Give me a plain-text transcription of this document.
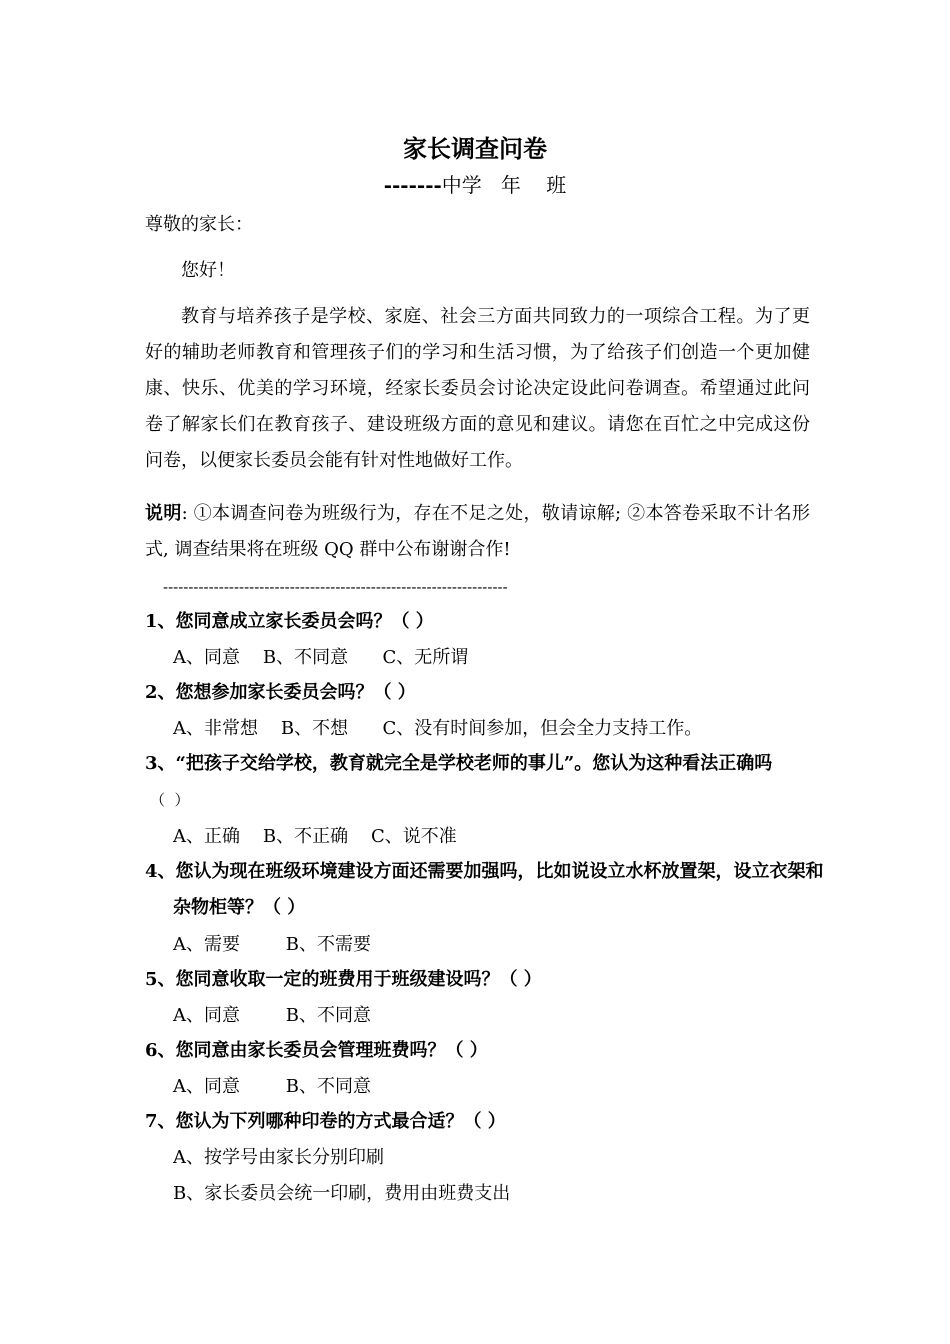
家长调查问卷
-------中学   年    班
尊敬的家长：
您好！
教育与培养孩子是学校、家庭、社会三方面共同致力的一项综合工程。为了更好的辅助老师教育和管理孩子们的学习和生活习惯，为了给孩子们创造一个更加健康、快乐、优美的学习环境，经家长委员会讨论决定设此问卷调查。希望通过此问卷了解家长们在教育孩子、建设班级方面的意见和建议。请您在百忙之中完成这份问卷，以便家长委员会能有针对性地做好工作。
说明: ①本调查问卷为班级行为，存在不足之处，敬请谅解; ②本答卷采取不计名形式, 调查结果将在班级 QQ 群中公布谢谢合作!
--------------------------------------------------------------------
1、您同意成立家长委员会吗？（ ）
A、同意    B、不同意      C、无所谓
2、您想参加家长委员会吗？（ ）
A、非常想    B、不想      C、没有时间参加，但会全力支持工作。
3、“把孩子交给学校，教育就完全是学校老师的事儿”。您认为这种看法正确吗
（  ）
A、正确    B、不正确    C、说不准
4、您认为现在班级环境建设方面还需要加强吗，比如说设立水杯放置架，设立衣架和杂物柜等？（ ）
A、需要        B、不需要
5、您同意收取一定的班费用于班级建设吗？（ ）
A、同意        B、不同意
6、您同意由家长委员会管理班费吗？（ ）
A、同意        B、不同意
7、您认为下列哪种印卷的方式最合适？（ ）
A、按学号由家长分别印刷
B、家长委员会统一印刷，费用由班费支出
